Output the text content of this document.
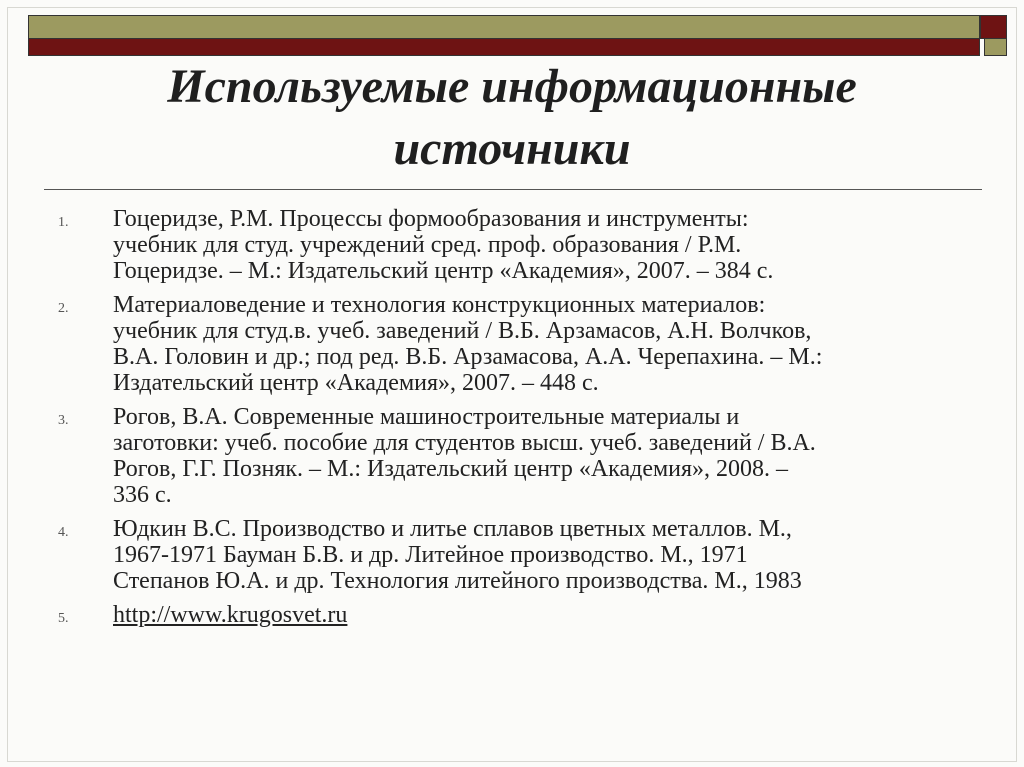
Используемые информационные
источники
1.	Гоцеридзе, Р.М. Процессы формообразования и инструменты:
учебник для студ. учреждений сред. проф. образования / Р.М.
Гоцеридзе. – М.: Издательский центр «Академия», 2007. – 384 с.
2.	Материаловедение и технология конструкционных материалов:
учебник для студ.в. учеб. заведений / В.Б. Арзамасов, А.Н. Волчков,
В.А. Головин и др.; под ред. В.Б. Арзамасова, А.А. Черепахина. – М.:
Издательский центр «Академия», 2007. – 448 с.
3.	Рогов, В.А. Современные машиностроительные материалы и
заготовки: учеб. пособие для студентов высш. учеб. заведений / В.А.
Рогов, Г.Г. Позняк. – М.: Издательский центр «Академия», 2008. –
336 с.
4.	Юдкин В.С. Производство и литье сплавов цветных металлов. М.,
1967-1971 Бауман Б.В. и др. Литейное производство. М., 1971
Степанов Ю.А. и др. Технология литейного производства. М., 1983
5.	http://www.krugosvet.ru
